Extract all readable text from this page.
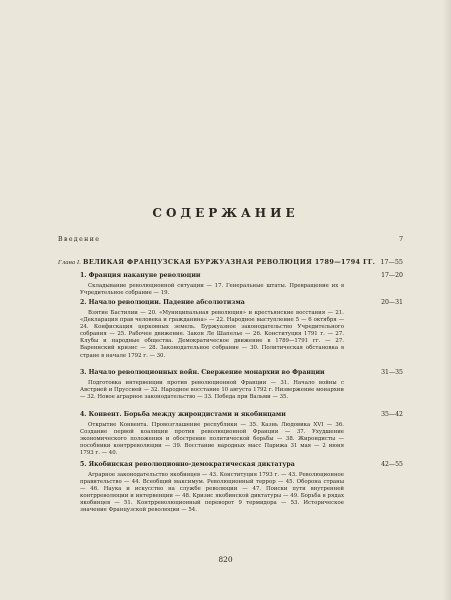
СОДЕРЖАНИЕ
Введение	7
Глава I. ВЕЛИКАЯ ФРАНЦУЗСКАЯ БУРЖУАЗНАЯ РЕВОЛЮЦИЯ 1789—1794 ГГ. 17—55
1. Франция накануне революции	17—20
Складывание революционной ситуации — 17. Генеральные штаты. Превращение их в Учредительное собрание — 19.
2. Начало революции. Падение абсолютизма	20—31
Взятие Бастилии — 20. «Муниципальная революция» и крестьянские восстания — 21. «Декларация прав человека и гражданина» — 22. Народное выступление 5 — 6 октября — 24. Конфискация церковных земель. Буржуазное законодательство Учредительного собрания — 25. Рабочее движение. Закон Ле Шапелье — 26. Конституция 1791 г. — 27. Клубы и народные общества. Демократическое движение в 1789—1791 гг. — 27. Вареннский кризис — 28. Законодательное собрание — 30. Политическая обстановка в стране в начале 1792 г. — 30.
3. Начало революционных войн. Свержение монархии во Франции	31—35
Подготовка интервенции против революционной Франции — 31. Начало войны с Австрией и Пруссией — 32. Народное восстание 10 августа 1792 г. Низвержение монархии — 32. Новое аграрное законодательство — 33. Победа при Вальми — 35.
4. Конвент. Борьба между жирондистами и якобинцами	35—42
Открытие Конвента. Провозглашение республики — 35. Казнь Людовика XVI — 36. Создание первой коалиции против революционной Франции — 37. Ухудшение экономического положения и обострение политической борьбы — 38. Жирондисты — пособники контрреволюции — 39. Восстание народных масс Парижа 31 мая — 2 июня 1793 г. — 40.
5. Якобинская революционно-демократическая диктатура	42—55
Аграрное законодательство якобинцев — 43. Конституция 1793 г. — 43. Революционное правительство — 44. Всеобщий максимум. Революционный террор — 45. Оборона страны — 46. Наука и искусство на службе революции — 47. Поиски пути внутренней контрреволюции и интервенции — 48. Кризис якобинской диктатуры — 49. Борьба в рядах якобинцев — 51. Контрреволюционный переворот 9 термидора — 53. Историческое значение Французской революции — 54.
820
